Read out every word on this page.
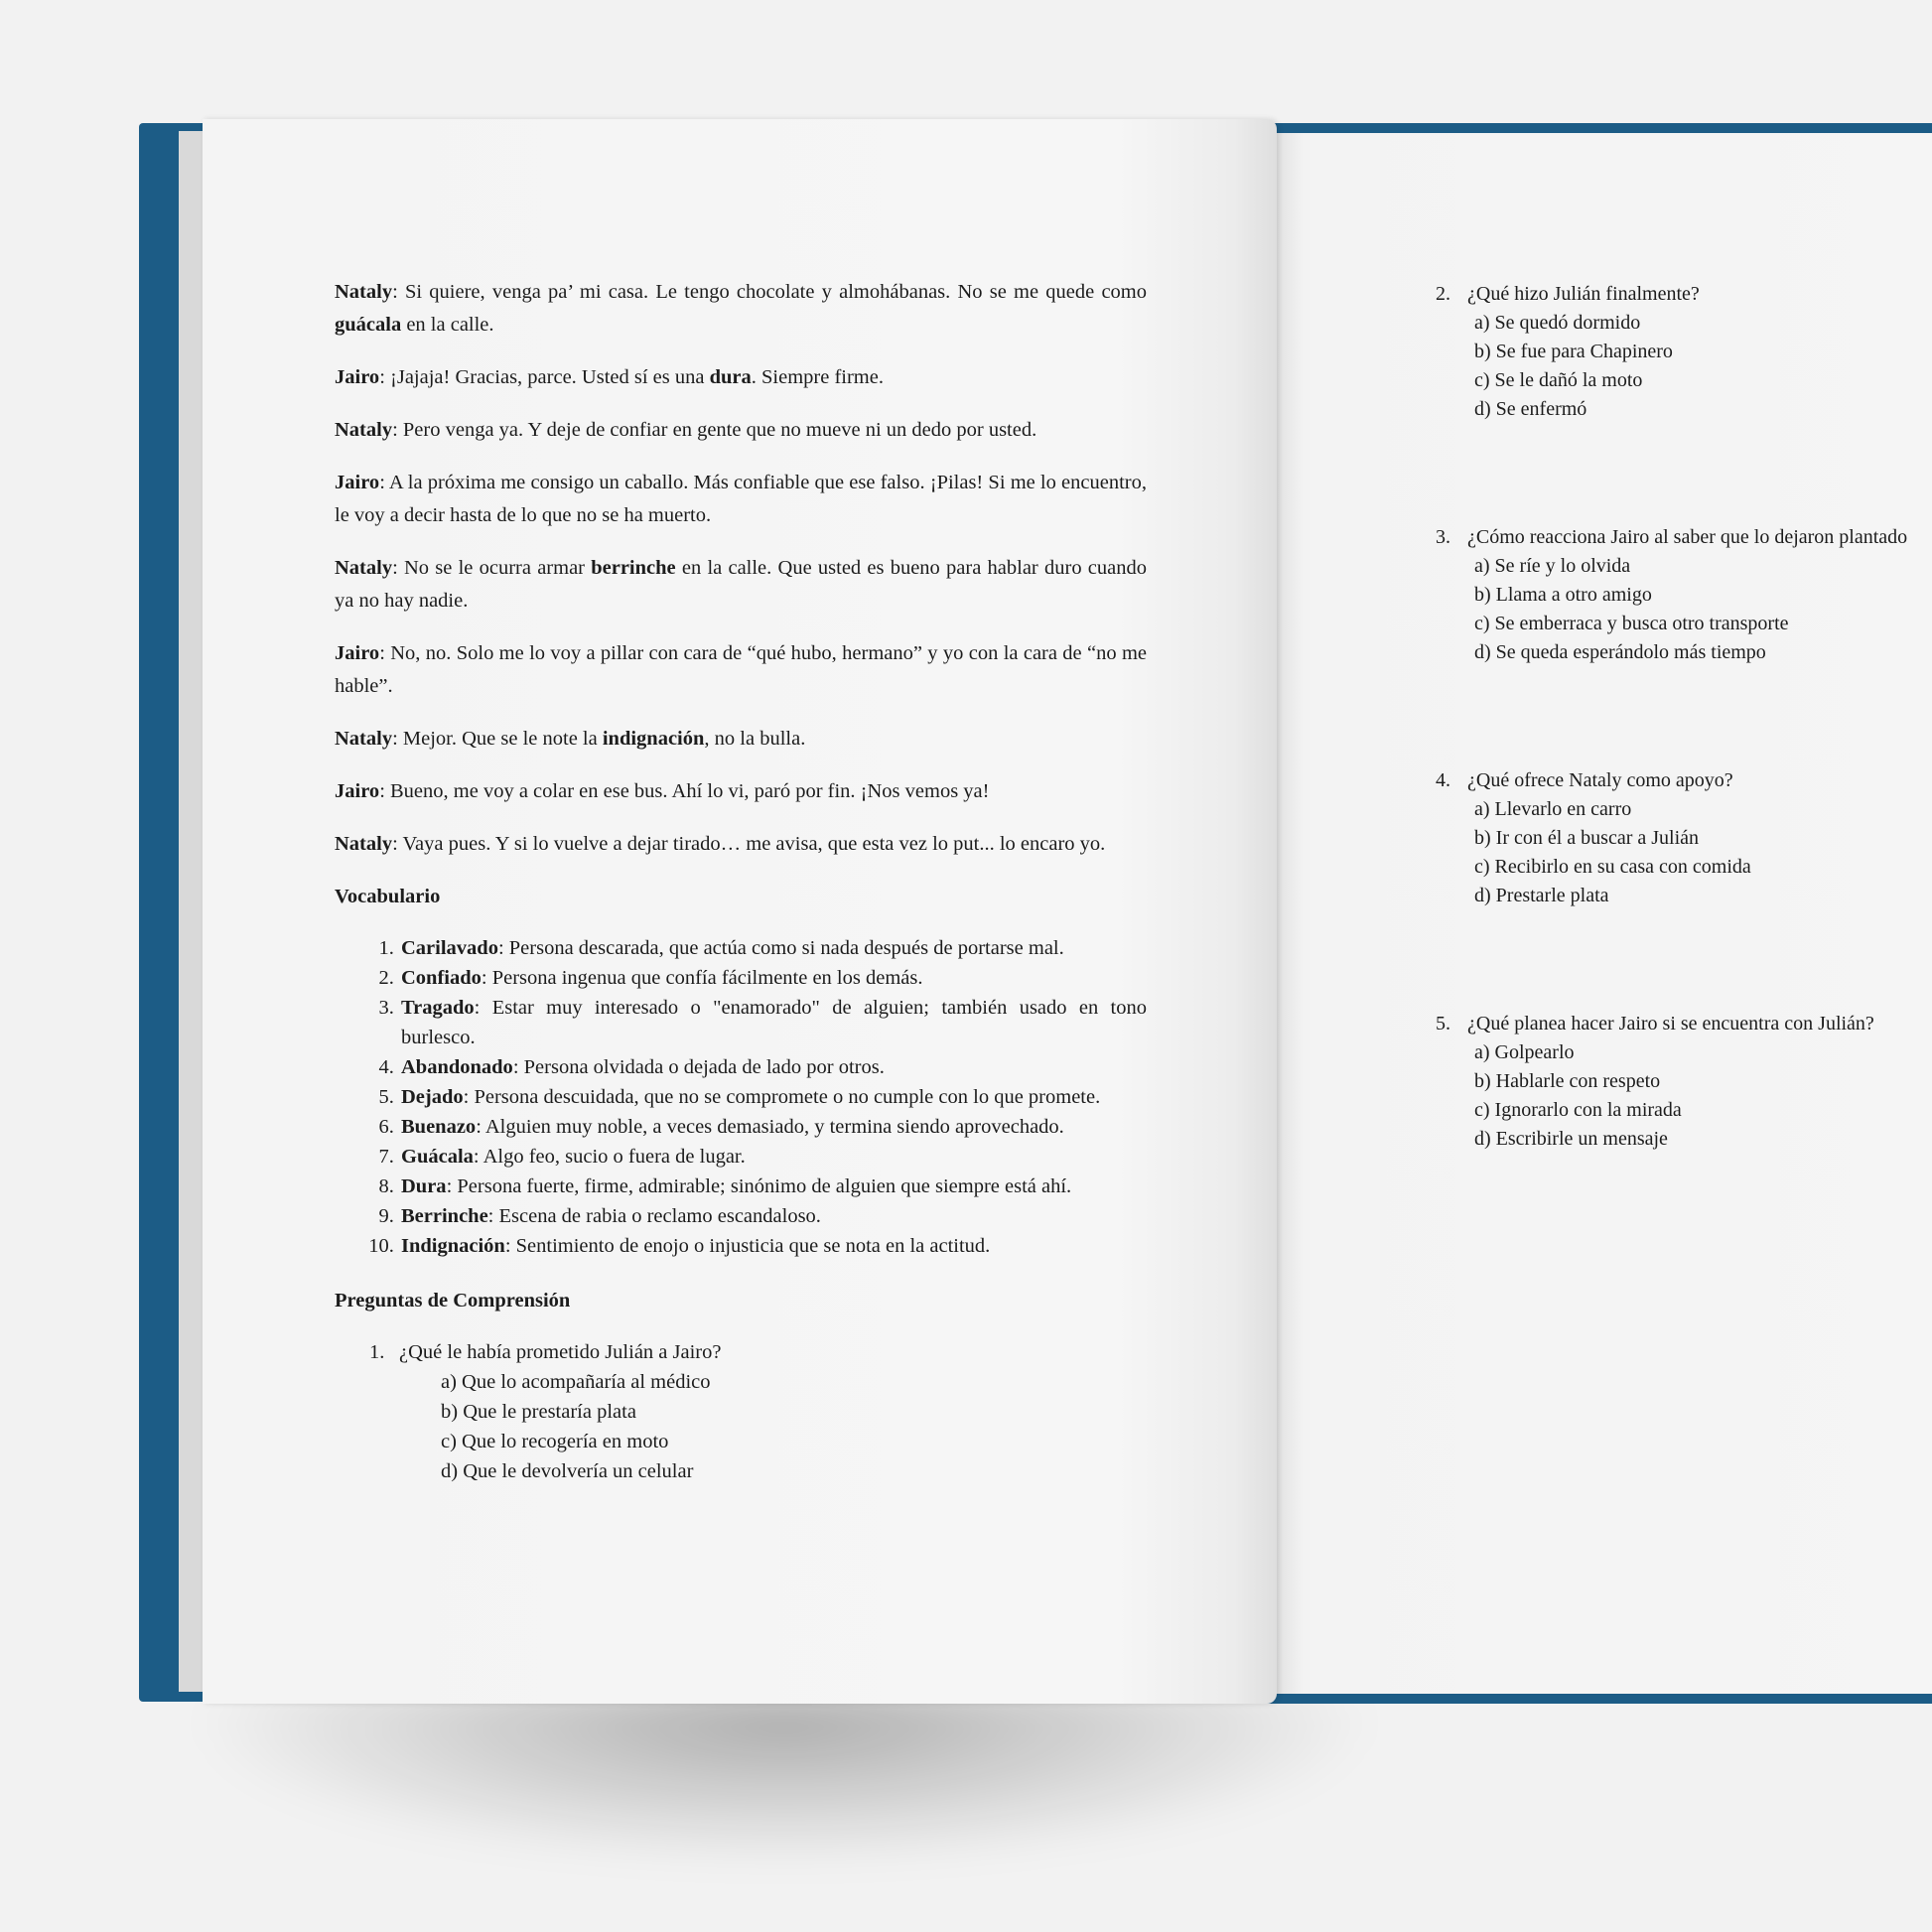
Nataly: Si quiere, venga pa’ mi casa. Le tengo chocolate y almohábanas. No se me quede como guácala en la calle.

Jairo: ¡Jajaja! Gracias, parce. Usted sí es una dura. Siempre firme.

Nataly: Pero venga ya. Y deje de confiar en gente que no mueve ni un dedo por usted.

Jairo: A la próxima me consigo un caballo. Más confiable que ese falso. ¡Pilas! Si me lo encuentro, le voy a decir hasta de lo que no se ha muerto.

Nataly: No se le ocurra armar berrinche en la calle. Que usted es bueno para hablar duro cuando ya no hay nadie.

Jairo: No, no. Solo me lo voy a pillar con cara de “qué hubo, hermano” y yo con la cara de “no me hable”.

Nataly: Mejor. Que se le note la indignación, no la bulla.

Jairo: Bueno, me voy a colar en ese bus. Ahí lo vi, paró por fin. ¡Nos vemos ya!

Nataly: Vaya pues. Y si lo vuelve a dejar tirado… me avisa, que esta vez lo put... lo encaro yo.

Vocabulario
1. Carilavado: Persona descarada, que actúa como si nada después de portarse mal.
2. Confiado: Persona ingenua que confía fácilmente en los demás.
3. Tragado: Estar muy interesado o "enamorado" de alguien; también usado en tono burlesco.
4. Abandonado: Persona olvidada o dejada de lado por otros.
5. Dejado: Persona descuidada, que no se compromete o no cumple con lo que promete.
6. Buenazo: Alguien muy noble, a veces demasiado, y termina siendo aprovechado.
7. Guácala: Algo feo, sucio o fuera de lugar.
8. Dura: Persona fuerte, firme, admirable; sinónimo de alguien que siempre está ahí.
9. Berrinche: Escena de rabia o reclamo escandaloso.
10. Indignación: Sentimiento de enojo o injusticia que se nota en la actitud.
Preguntas de Comprensión
1. ¿Qué le había prometido Julián a Jairo?
a) Que lo acompañaría al médico
b) Que le prestaría plata
c) Que lo recogería en moto
d) Que le devolvería un celular
2. ¿Qué hizo Julián finalmente?
a) Se quedó dormido
b) Se fue para Chapinero
c) Se le dañó la moto
d) Se enfermó
3. ¿Cómo reacciona Jairo al saber que lo dejaron plantado
a) Se ríe y lo olvida
b) Llama a otro amigo
c) Se emberraca y busca otro transporte
d) Se queda esperándolo más tiempo
4. ¿Qué ofrece Nataly como apoyo?
a) Llevarlo en carro
b) Ir con él a buscar a Julián
c) Recibirlo en su casa con comida
d) Prestarle plata
5. ¿Qué planea hacer Jairo si se encuentra con Julián?
a) Golpearlo
b) Hablarle con respeto
c) Ignorarlo con la mirada
d) Escribirle un mensaje
